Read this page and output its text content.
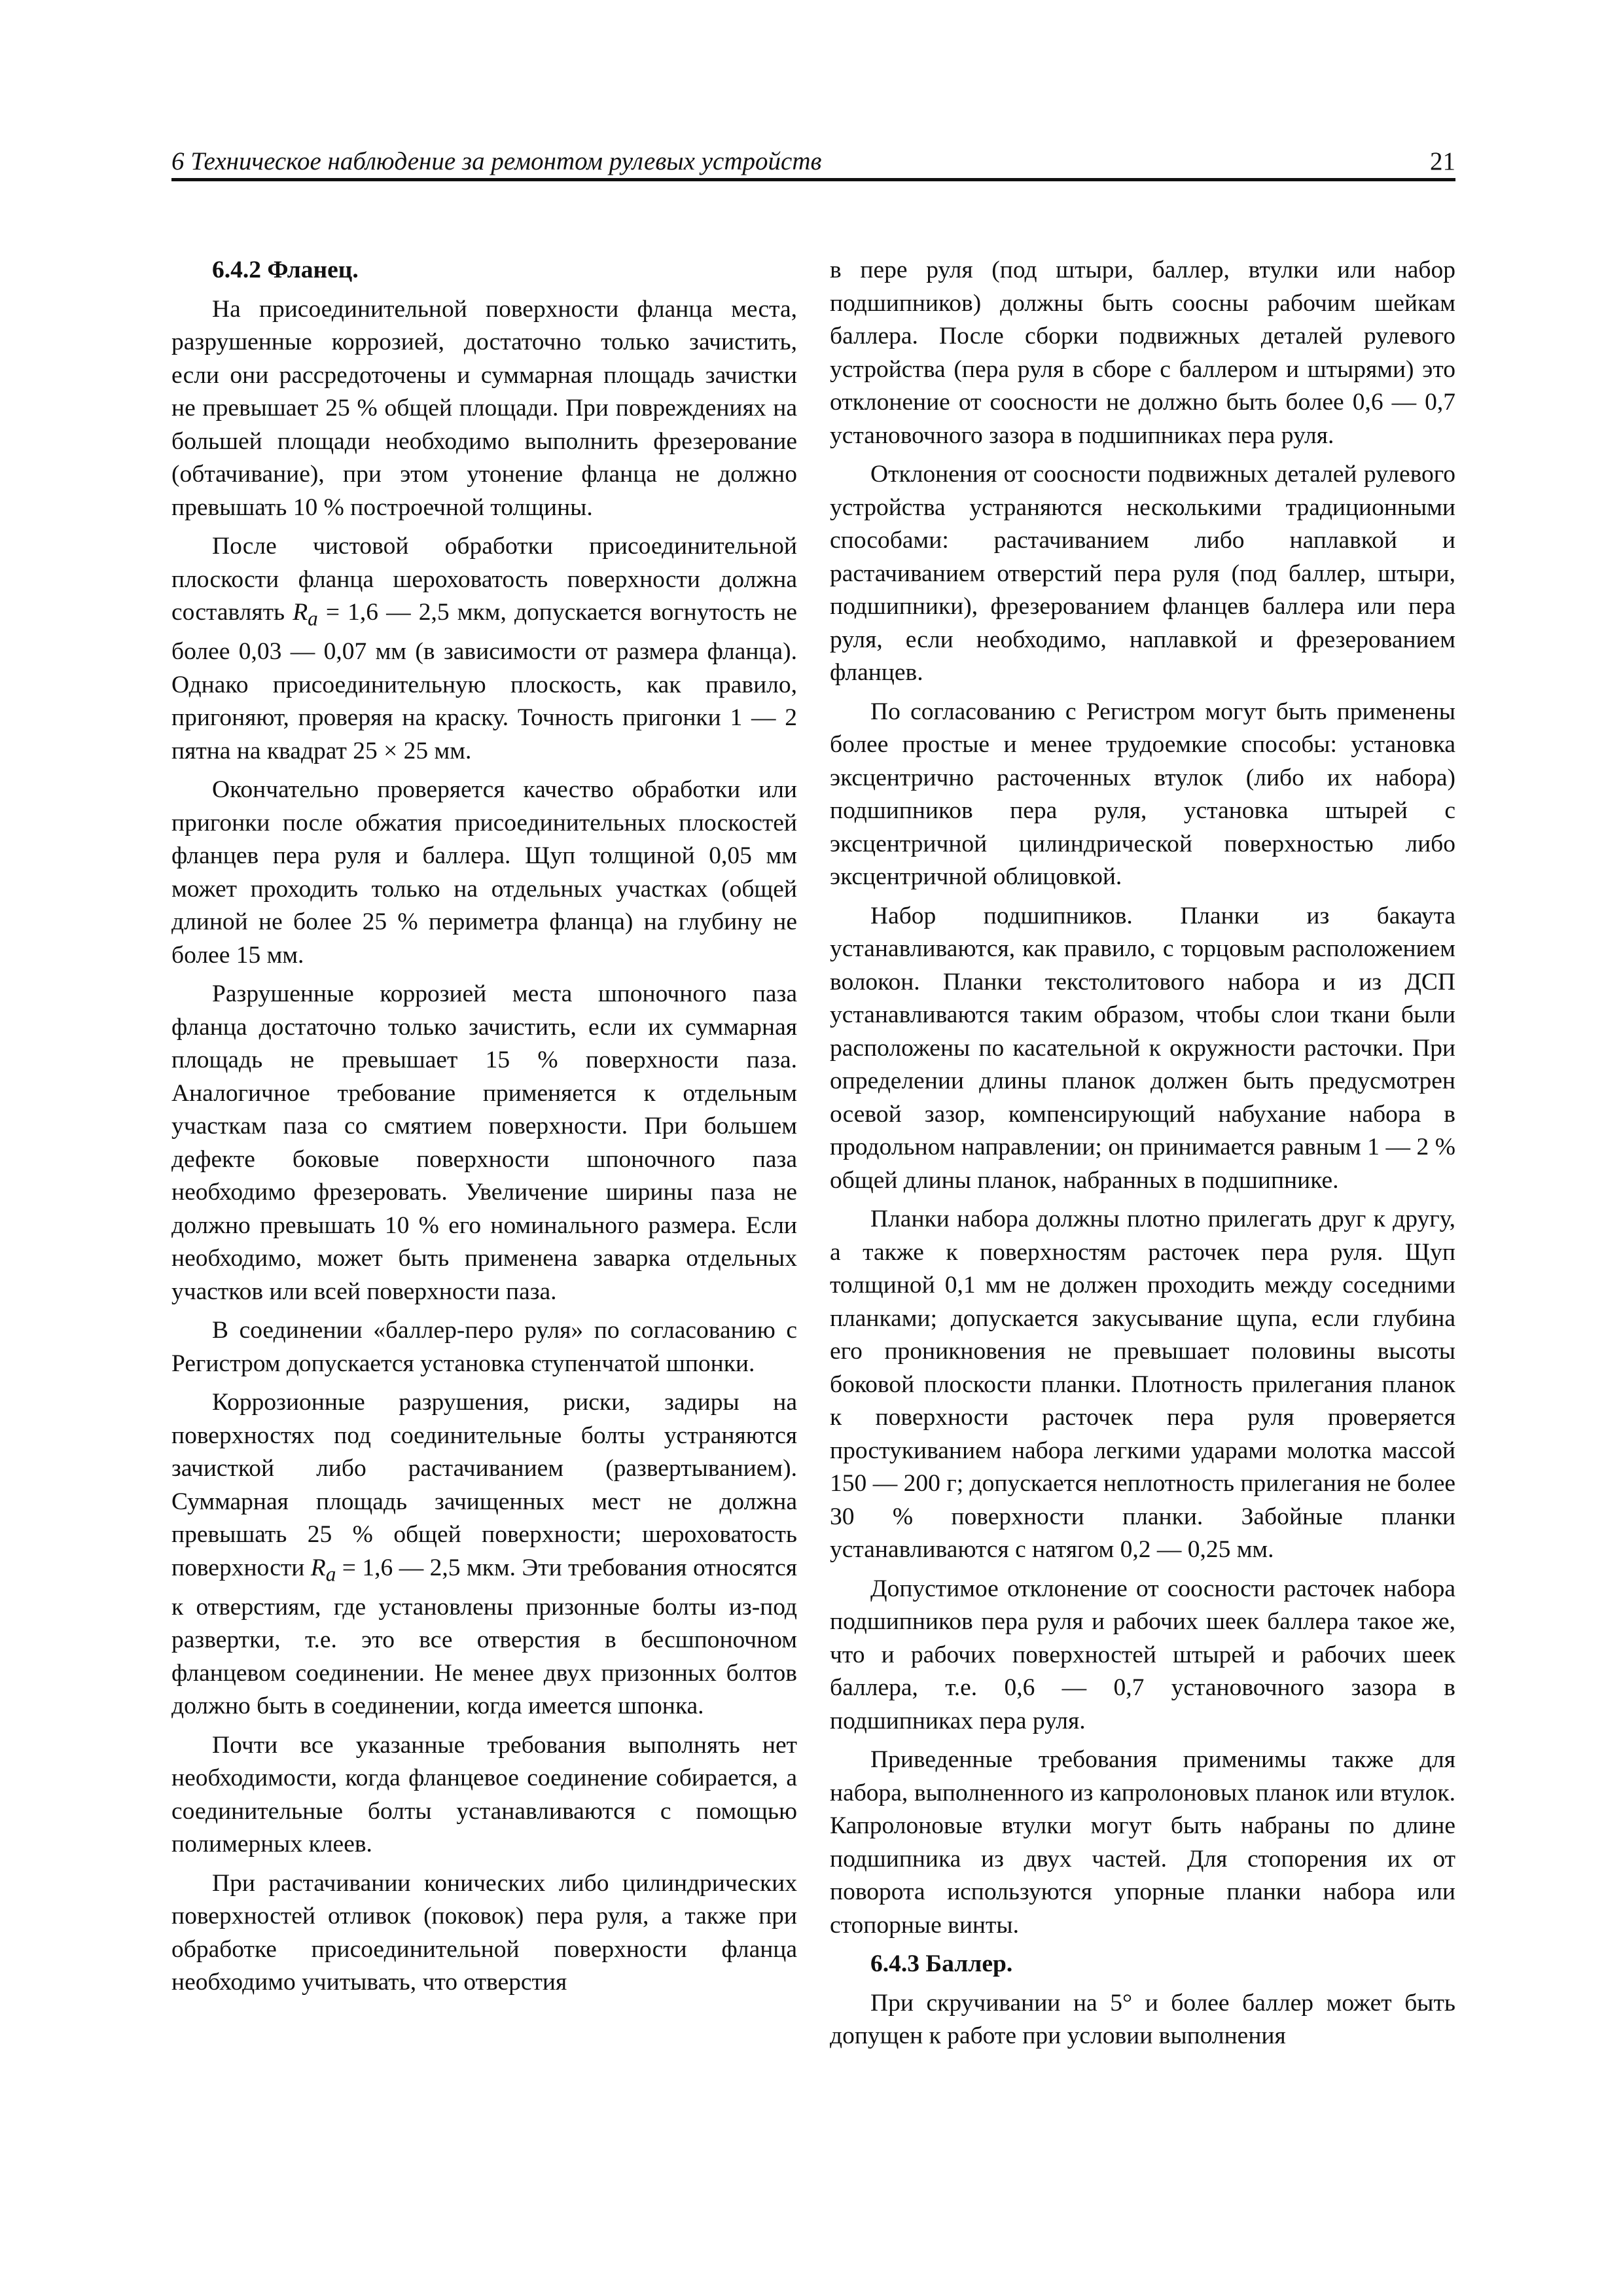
6 Техническое наблюдение за ремонтом рулевых устройств	21

6.4.2 Фланец.

На присоединительной поверхности фланца места, разрушенные коррозией, достаточно только зачистить, если они рассредоточены и суммарная площадь зачистки не превышает 25 % общей площади. При повреждениях на большей площади необходимо выполнить фрезерование (обтачивание), при этом утонение фланца не должно превышать 10 % построечной толщины.

После чистовой обработки присоединительной плоскости фланца шероховатость поверхности должна составлять $R_a = 1,6$ — 2,5 мкм, допускается вогнутость не более 0,03 — 0,07 мм (в зависимости от размера фланца). Однако присоединительную плоскость, как правило, пригоняют, проверяя на краску. Точность пригонки 1 — 2 пятна на квадрат 25 × 25 мм.

Окончательно проверяется качество обработки или пригонки после обжатия присоединительных плоскостей фланцев пера руля и баллера. Щуп толщиной 0,05 мм может проходить только на отдельных участках (общей длиной не более 25 % периметра фланца) на глубину не более 15 мм.

Разрушенные коррозией места шпоночного паза фланца достаточно только зачистить, если их суммарная площадь не превышает 15 % поверхности паза. Аналогичное требование применяется к отдельным участкам паза со смятием поверхности. При большем дефекте боковые поверхности шпоночного паза необходимо фрезеровать. Увеличение ширины паза не должно превышать 10 % его номинального размера. Если необходимо, может быть применена заварка отдельных участков или всей поверхности паза.

В соединении «баллер-перо руля» по согласованию с Регистром допускается установка ступенчатой шпонки.

Коррозионные разрушения, риски, задиры на поверхностях под соединительные болты устраняются зачисткой либо растачиванием (развертыванием). Суммарная площадь зачищенных мест не должна превышать 25 % общей поверхности; шероховатость поверхности $R_a = 1,6$ — 2,5 мкм. Эти требования относятся к отверстиям, где установлены призонные болты из-под развертки, т.е. это все отверстия в бесшпоночном фланцевом соединении. Не менее двух призонных болтов должно быть в соединении, когда имеется шпонка.

Почти все указанные требования выполнять нет необходимости, когда фланцевое соединение собирается, а соединительные болты устанавливаются с помощью полимерных клеев.

При растачивании конических либо цилиндрических поверхностей отливок (поковок) пера руля, а также при обработке присоединительной поверхности фланца необходимо учитывать, что отверстия

в пере руля (под штыри, баллер, втулки или набор подшипников) должны быть соосны рабочим шейкам баллера. После сборки подвижных деталей рулевого устройства (пера руля в сборе с баллером и штырями) это отклонение от соосности не должно быть более 0,6 — 0,7 установочного зазора в подшипниках пера руля.

Отклонения от соосности подвижных деталей рулевого устройства устраняются несколькими традиционными способами: растачиванием либо наплавкой и растачиванием отверстий пера руля (под баллер, штыри, подшипники), фрезерованием фланцев баллера или пера руля, если необходимо, наплавкой и фрезерованием фланцев.

По согласованию с Регистром могут быть применены более простые и менее трудоемкие способы: установка эксцентрично расточенных втулок (либо их набора) подшипников пера руля, установка штырей с эксцентричной цилиндрической поверхностью либо эксцентричной облицовкой.

Набор подшипников. Планки из бакаута устанавливаются, как правило, с торцовым расположением волокон. Планки текстолитового набора и из ДСП устанавливаются таким образом, чтобы слои ткани были расположены по касательной к окружности расточки. При определении длины планок должен быть предусмотрен осевой зазор, компенсирующий набухание набора в продольном направлении; он принимается равным 1 — 2 % общей длины планок, набранных в подшипнике.

Планки набора должны плотно прилегать друг к другу, а также к поверхностям расточек пера руля. Щуп толщиной 0,1 мм не должен проходить между соседними планками; допускается закусывание щупа, если глубина его проникновения не превышает половины высоты боковой плоскости планки. Плотность прилегания планок к поверхности расточек пера руля проверяется простукиванием набора легкими ударами молотка массой 150 — 200 г; допускается неплотность прилегания не более 30 % поверхности планки. Забойные планки устанавливаются с натягом 0,2 — 0,25 мм.

Допустимое отклонение от соосности расточек набора подшипников пера руля и рабочих шеек баллера такое же, что и рабочих поверхностей штырей и рабочих шеек баллера, т.е. 0,6 — 0,7 установочного зазора в подшипниках пера руля.

Приведенные требования применимы также для набора, выполненного из капролоновых планок или втулок. Капролоновые втулки могут быть набраны по длине подшипника из двух частей. Для стопорения их от поворота используются упорные планки набора или стопорные винты.

6.4.3 Баллер.

При скручивании на 5° и более баллер может быть допущен к работе при условии выполнения
